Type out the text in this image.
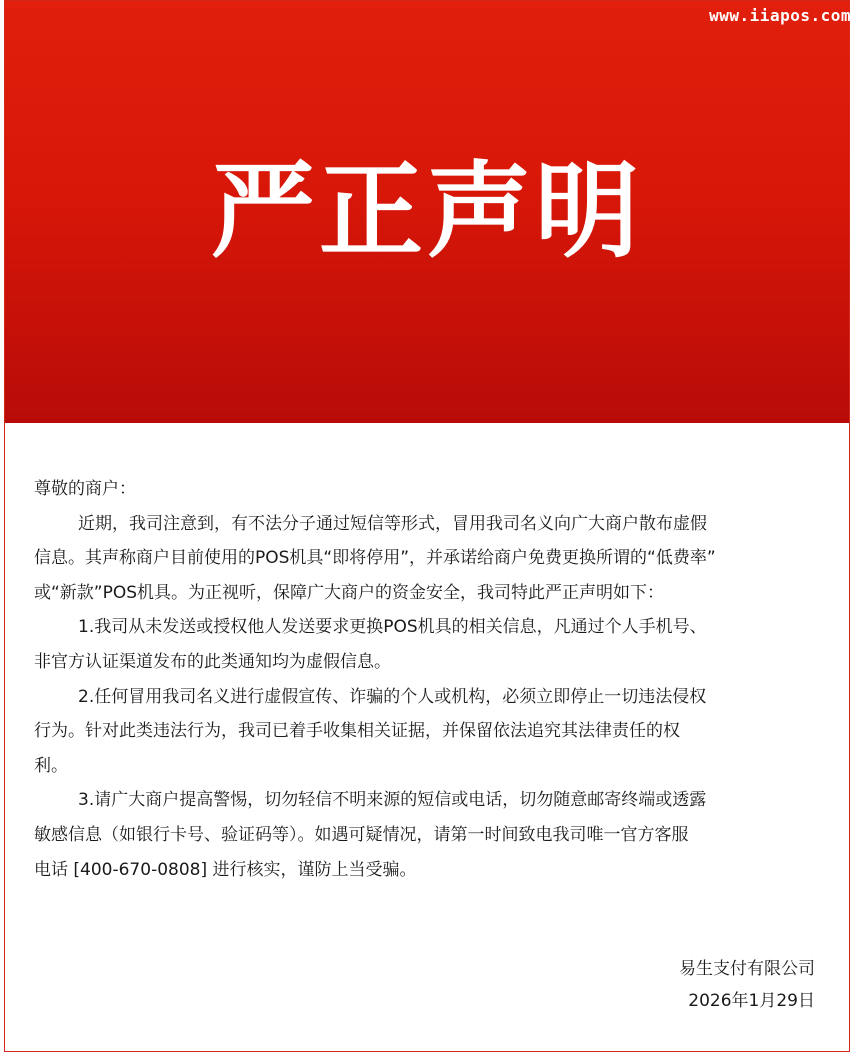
严正声明
www.iiapos.com
尊敬的商户：
近期，我司注意到，有不法分子通过短信等形式，冒用我司名义向广大商户散布虚假
信息。其声称商户目前使用的POS机具“即将停用”，并承诺给商户免费更换所谓的“低费率”
或“新款”POS机具。为正视听，保障广大商户的资金安全，我司特此严正声明如下：
1.我司从未发送或授权他人发送要求更换POS机具的相关信息，凡通过个人手机号、
非官方认证渠道发布的此类通知均为虚假信息。
2.任何冒用我司名义进行虚假宣传、诈骗的个人或机构，必须立即停止一切违法侵权
行为。针对此类违法行为，我司已着手收集相关证据，并保留依法追究其法律责任的权
利。
3.请广大商户提高警惕，切勿轻信不明来源的短信或电话，切勿随意邮寄终端或透露
敏感信息（如银行卡号、验证码等）。如遇可疑情况，请第一时间致电我司唯一官方客服
电话 [400-670-0808] 进行核实，谨防上当受骗。
易生支付有限公司
2026年1月29日
